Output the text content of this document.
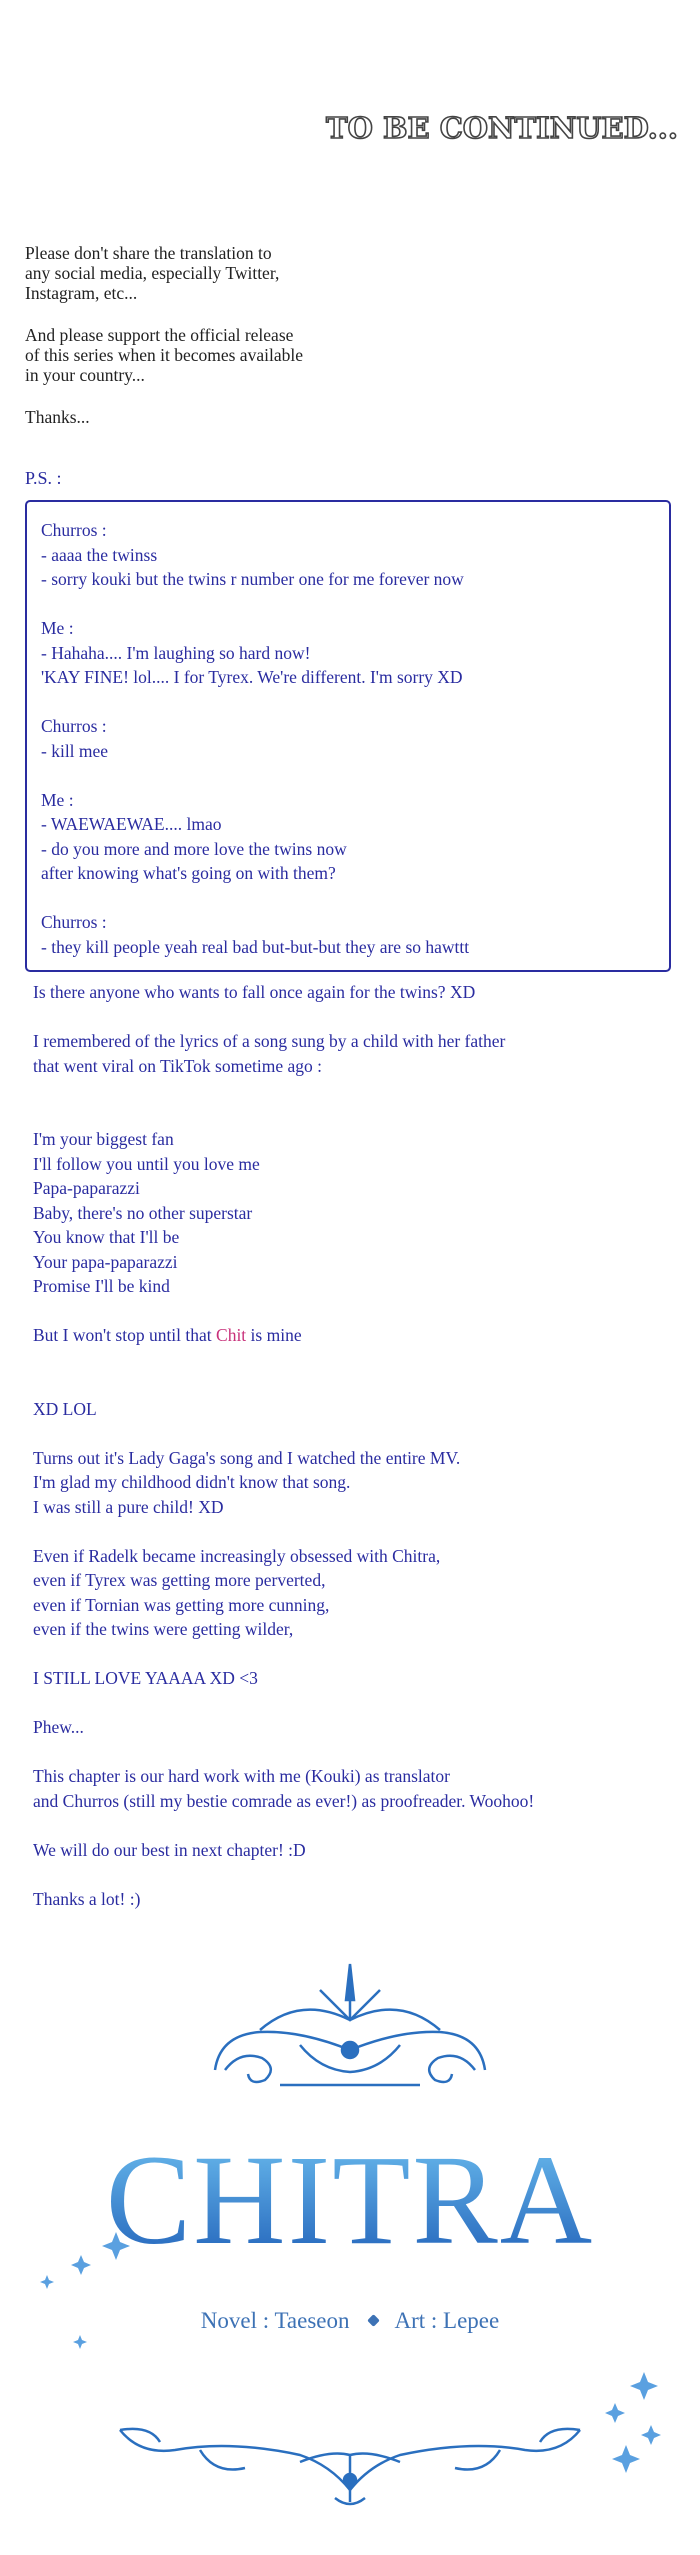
TO BE CONTINUED...

Please don't share the translation to
any social media, especially Twitter,
Instagram, etc...

And please support the official release
of this series when it becomes available
in your country...

Thanks...

P.S. :
Churros :
- aaaa the twinss
- sorry kouki but the twins r number one for me forever now
Me :
- Hahaha.... I'm laughing so hard now!
'KAY FINE! lol.... I for Tyrex. We're different. I'm sorry XD
Churros :
- kill mee
Me :
- WAEWAEWAE.... lmao
- do you more and more love the twins now
after knowing what's going on with them?
Churros :
- they kill people yeah real bad but-but-but they are so hawttt
Is there anyone who wants to fall once again for the twins? XD
I remembered of the lyrics of a song sung by a child with her father
that went viral on TikTok sometime ago :

I'm your biggest fan
I'll follow you until you love me
Papa-paparazzi
Baby, there's no other superstar
You know that I'll be
Your papa-paparazzi
Promise I'll be kind

But I won't stop until that Chit is mine

XD LOL
Turns out it's Lady Gaga's song and I watched the entire MV.
I'm glad my childhood didn't know that song.
I was still a pure child! XD
Even if Radelk became increasingly obsessed with Chitra,
even if Tyrex was getting more perverted,
even if Tornian was getting more cunning,
even if the twins were getting wilder,
I STILL LOVE YAAAA XD <3
Phew...
This chapter is our hard work with me (Kouki) as translator
and Churros (still my bestie comrade as ever!) as proofreader. Woohoo!
We will do our best in next chapter! :D
Thanks a lot! :)
CHITRA
Novel : Taeseon Art : Lepee
